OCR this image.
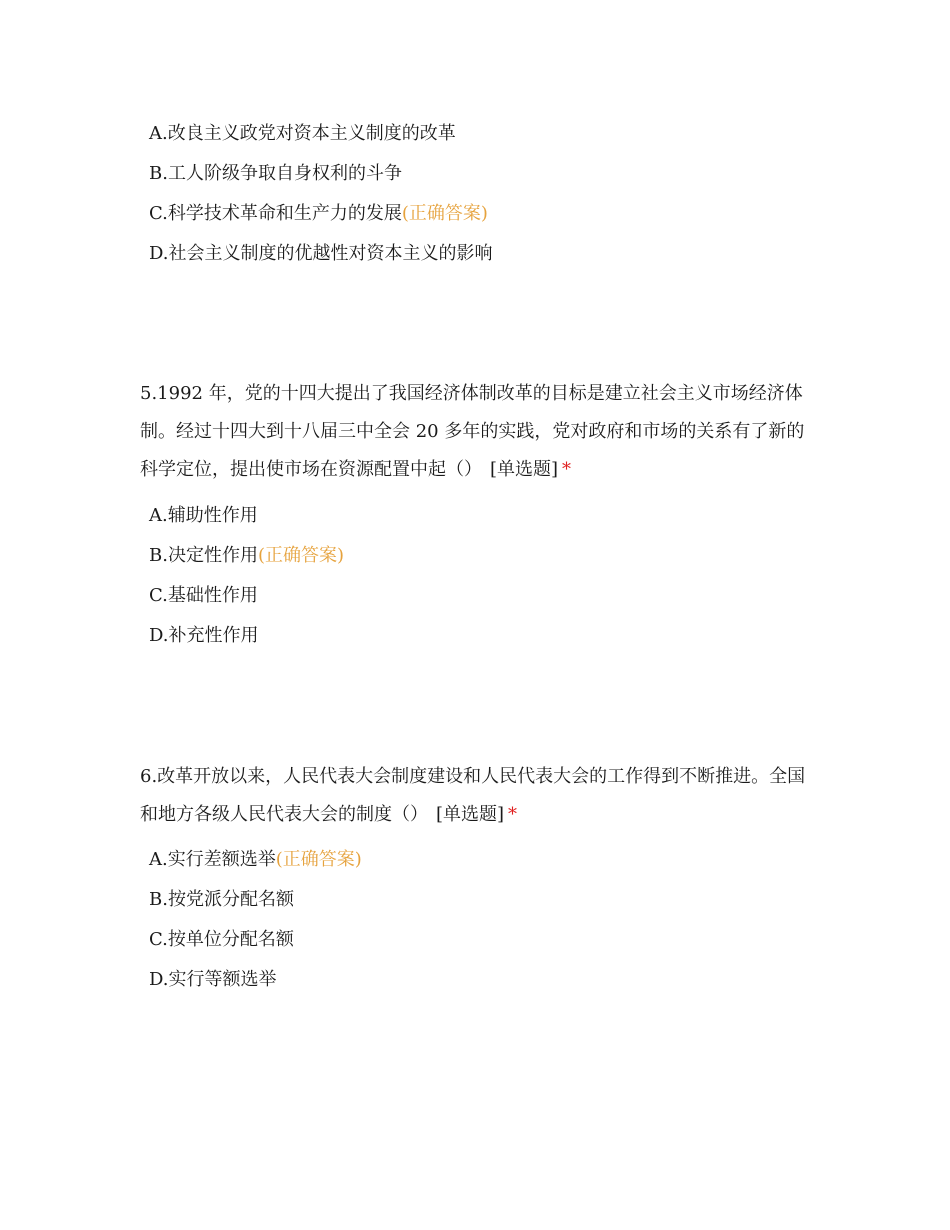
A.改良主义政党对资本主义制度的改革
B.工人阶级争取自身权利的斗争
C.科学技术革命和生产力的发展(正确答案)
D.社会主义制度的优越性对资本主义的影响
5.1992 年，党的十四大提出了我国经济体制改革的目标是建立社会主义市场经济体制。经过十四大到十八届三中全会 20 多年的实践，党对政府和市场的关系有了新的科学定位，提出使市场在资源配置中起（） [单选题] *
A.辅助性作用
B.决定性作用(正确答案)
C.基础性作用
D.补充性作用
6.改革开放以来，人民代表大会制度建设和人民代表大会的工作得到不断推进。全国和地方各级人民代表大会的制度（） [单选题] *
A.实行差额选举(正确答案)
B.按党派分配名额
C.按单位分配名额
D.实行等额选举
